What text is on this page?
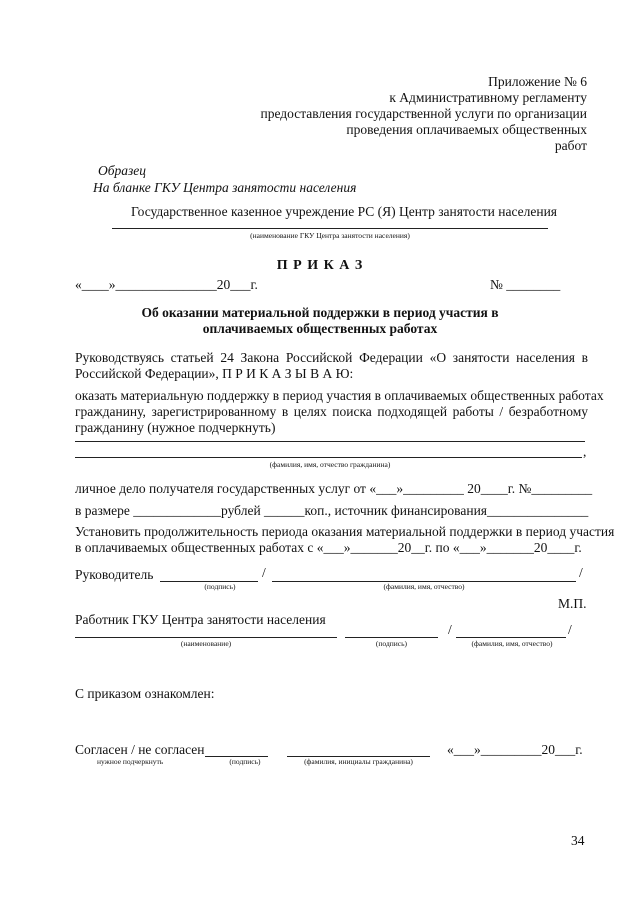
Приложение № 6
к Административному регламенту
предоставления государственной услуги по организации
проведения оплачиваемых общественных
работ
Образец
На бланке ГКУ Центра занятости населения
Государственное казенное учреждение РС (Я) Центр занятости населения
(наименование ГКУ Центра занятости населения)
П Р И К А З
«____»_______________20___г.	№ ________
Об оказании материальной поддержки в период участия в
оплачиваемых общественных работах
Руководствуясь статьей 24 Закона Российской Федерации «О занятости населения в
Российской Федерации», П Р И К А З Ы В А Ю:
оказать материальную поддержку в период участия в оплачиваемых общественных работах
гражданину, зарегистрированному в целях поиска подходящей работы / безработному
гражданину (нужное подчеркнуть)
,
(фамилия, имя, отчество гражданина)
личное дело получателя государственных услуг от «___»_________ 20____г. №_________
в размере _____________рублей ______коп., источник финансирования_______________
Установить продолжительность периода оказания материальной поддержки в период участия
в оплачиваемых общественных работах с «___»_______20__г. по «___»_______20____г.
Руководитель	/	/
(подпись)	(фамилия, имя, отчество)
М.П.
Работник ГКУ Центра занятости населения
/	/
(наименование)	(подпись)	(фамилия, имя, отчество)
С приказом ознакомлен:
Согласен / не согласен	«___»_________20___г.
нужное подчеркнуть	(подпись)	(фамилия, инициалы гражданина)
34
